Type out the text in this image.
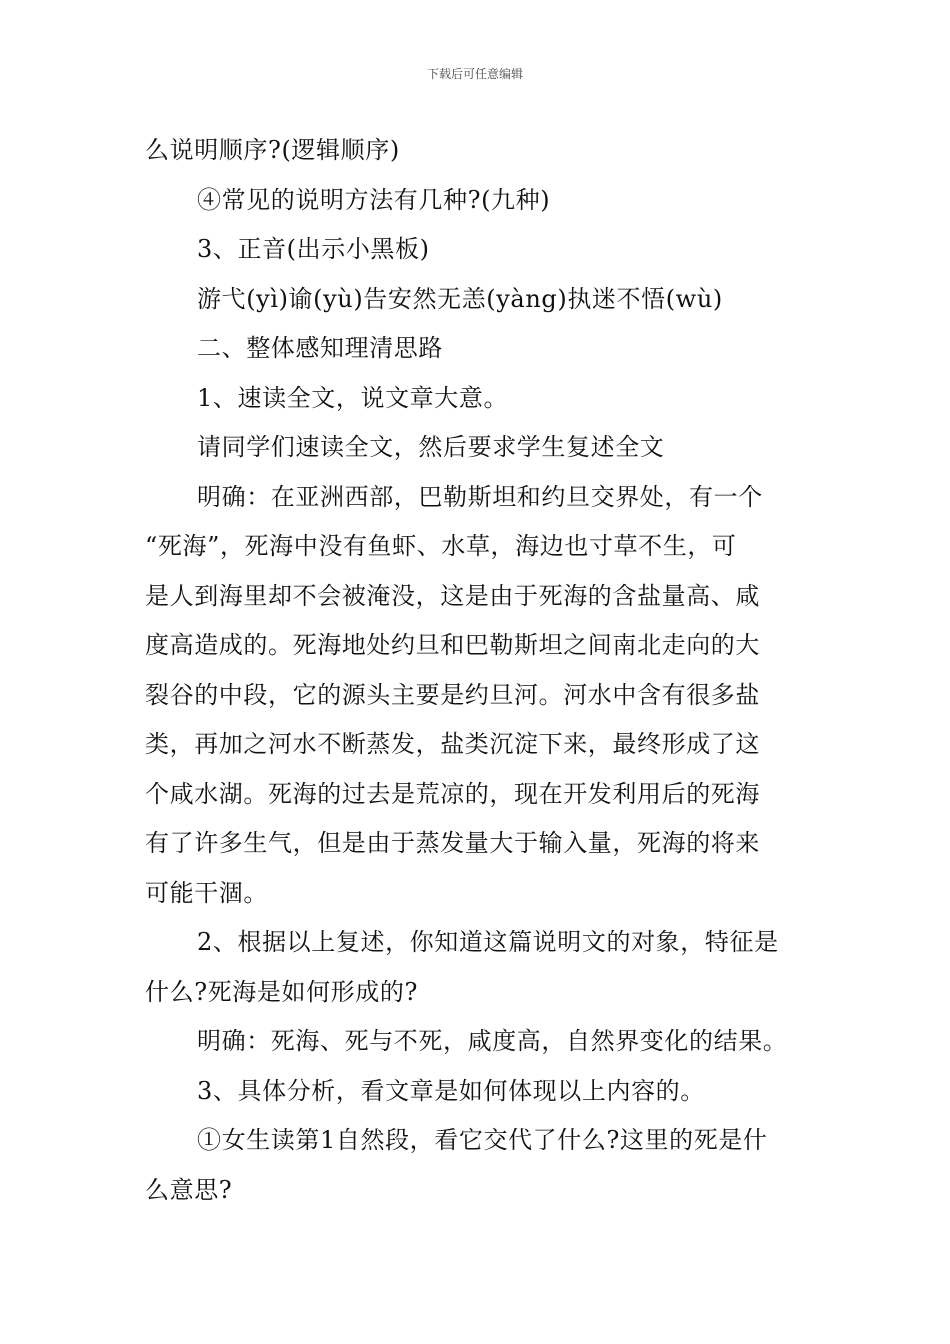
下载后可任意编辑
么说明顺序?(逻辑顺序)
④常见的说明方法有几种?(九种)
3、正音(出示小黑板)
游弋(yì)谕(yù)告安然无恙(yàng)执迷不悟(wù)
二、整体感知理清思路
1、速读全文，说文章大意。
请同学们速读全文，然后要求学生复述全文
明确：在亚洲西部，巴勒斯坦和约旦交界处，有一个
“死海”，死海中没有鱼虾、水草，海边也寸草不生，可
是人到海里却不会被淹没，这是由于死海的含盐量高、咸
度高造成的。死海地处约旦和巴勒斯坦之间南北走向的大
裂谷的中段，它的源头主要是约旦河。河水中含有很多盐
类，再加之河水不断蒸发，盐类沉淀下来，最终形成了这
个咸水湖。死海的过去是荒凉的，现在开发利用后的死海
有了许多生气，但是由于蒸发量大于输入量，死海的将来
可能干涸。
2、根据以上复述，你知道这篇说明文的对象，特征是
什么?死海是如何形成的?
明确：死海、死与不死，咸度高，自然界变化的结果。
3、具体分析，看文章是如何体现以上内容的。
①女生读第1自然段，看它交代了什么?这里的死是什
么意思?
